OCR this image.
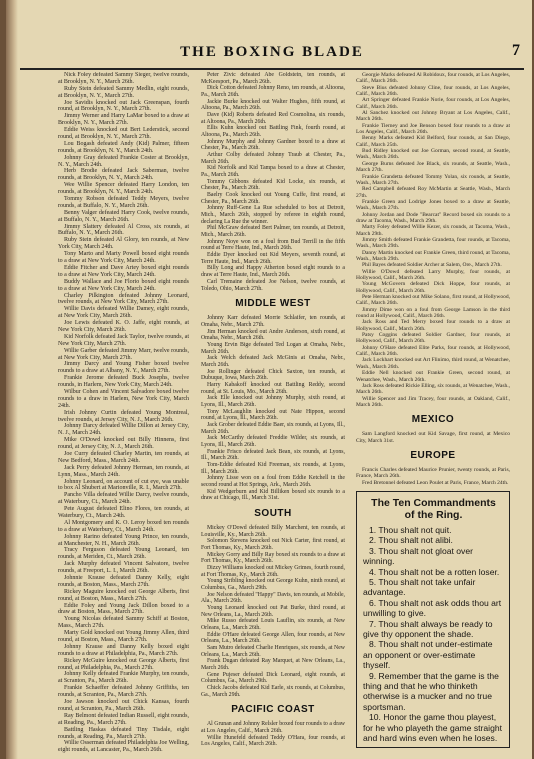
THE BOXING BLADE	7

Nick Foley defeated Sammy Sieger, twelve rounds, at Brooklyn, N. Y., March 26th.

Ruby Stein defeated Sammy Medlin, eight rounds, at Brooklyn, N. Y., March 27th.

Joe Savidis knocked out Jack Greenspan, fourth round, at Brooklyn, N. Y., March 27th.

Jimmy Werner and Harry LaMar boxed to a draw at Brooklyn, N. Y., March 27th.

Eddie Weiss knocked out Bert Lederstick, second round, at Brooklyn, N. Y., March 27th.

Lou Bogash defeated Andy (Kid) Palmer, fifteen rounds, at Brooklyn, N. Y., March 24th.

Johnny Gray defeated Frankie Coster at Brooklyn, N. Y., March 24th.

Herb Brodie defeated Jack Saberman, twelve rounds, at Brooklyn, N. Y., March 24th.

Wee Willie Spencer defeated Harry London, ten rounds, at Brooklyn, N. Y., March 24th.

Tommy Robson defeated Teddy Meyers, twelve rounds, at Buffalo, N. Y., March 26th.

Benny Valger defeated Harry Cook, twelve rounds, at Buffalo, N. Y., March 26th.

Jimmy Slattery defeated Al Cross, six rounds, at Buffalo, N. Y., March 26th.

Ruby Stein defeated Al Glory, ten rounds, at New York City, March 24th.

Tony Marto and Marty Powell boxed eight rounds to a draw at New York City, March 24th.

Eddie Fitcher and Dave Artey boxed eight rounds to a draw at New York City, March 24th.

Buddy Wallace and Joe Florio boxed eight rounds to a draw at New York City, March 24th.

Charley Pilkington defeated Johnny Leonard, twelve rounds, at New York City, March 27th.

Willie Davis defeated Willie Damey, eight rounds, at New York City, March 26th.

Joe Lewis defeated K. O. Jaffe, eight rounds, at New York City, March 26th.

Kid Norfolk defeated Jack Taylor, twelve rounds, at New York City, March 27th.

Willie Garber defeated Jimmy Marr, twelve rounds, at New York City, March 27th.

Jimmy Darcy and Young Fisher boxed twelve rounds to a draw at Albany, N. Y., March 27th.

Frankie Jerome defeated Buck Josephs, twelve rounds, in Harlem, New York City, March 24th.

Wilbur Cohen and Vincent Salvadore boxed twelve rounds to a draw in Harlem, New York City, March 24th.

Irish Johnny Curtin defeated Young Montreal, twelve rounds, at Jersey City, N. J., March 26th.

Johnny Darcy defeated Willie Dillon at Jersey City, N. J., March 24th.

Mike O'Dowd knocked out Billy Hinnens, first round, at Jersey City, N. J., March 26th.

Joe Curry defeated Charley Martin, ten rounds, at New Bedford, Mass., March 24th.

Jack Perry defeated Johnny Herman, ten rounds, at Lynn, Mass., March 24th.

Johnny Leonard, on account of cut eye, was unable to box Al Shubert at Marionville, R. I., March 27th.

Pancho Villa defeated Willie Darcy, twelve rounds, at Waterbury, Ct., March 24th.

Pete August defeated Elino Flores, ten rounds, at Waterbury, Ct., March 24th.

Al Montgomery and K. O. Leroy boxed ten rounds to a draw at Waterbury, Ct., March 24th.

Johnny Rarino defeated Young Prince, ten rounds, at Manchester, N. H., March 26th.

Tracy Ferguson defeated Young Leonard, ten rounds, at Meriden, Ct., March 26th.

Jack Murphy defeated Vincent Salvatore, twelve rounds, at Freeport, L. I., March 26th.

Johnnie Krause defeated Danny Kelly, eight rounds, at Boston, Mass., March 27th.

Rickey Maguire knocked out George Alberts, first round, at Boston, Mass., March 27th.

Eddie Foley and Young Jack Dillon boxed to a draw at Boston, Mass., March 27th.

Young Nicolas defeated Sammy Schiff at Boston, Mass., March 27th.

Marty Gold knocked out Young Jimmy Allen, third round, at Boston, Mass., March 27th.

Johnny Krause and Danny Kelly boxed eight rounds to a draw at Philadelphia, Pa., March 27th.

Rickey McGuire knocked out George Alberts, first round, at Philadelphia, Pa., March 27th.

Johnny Kelly defeated Frankie Murphy, ten rounds, at Scranton, Pa., March 26th.

Frankie Schaeffer defeated Johnny Griffiths, ten rounds, at Scranton, Pa., March 27th.

Joe Jawson knocked out Chick Kansas, fourth round, at Scranton, Pa., March 26th.

Ray Belmont defeated Indian Russell, eight rounds, at Reading, Pa., March 27th.

Battling Haskas defeated Tiny Tisdale, eight rounds, at Reading, Pa., March 27th.

Willie Osserman defeated Philadelphia Joe Welling, eight rounds, at Lancaster, Pa., March 26th.

Peter Zivic defeated Abe Goldstein, ten rounds, at McKeesport, Pa., March 26th.

Dick Cotton defeated Johnny Reno, ten rounds, at Altoona, Pa., March 26th.

Jackie Burke knocked out Walter Hughes, fifth round, at Altoona, Pa., March 26th.

Dave (Kid) Roberts defeated Red Cosmolina, six rounds, at Altoona, Pa., March 26th.

Ellis Kuhn knocked out Battling Fink, fourth round, at Altoona, Pa., March 26th.

Johnny Murphy and Johnny Gardner boxed to a draw at Chester, Pa., March 26th.

Arthur Colby defeated Johnny Traub at Chester, Pa., March 26th.

Kid Norfolk and Kid Tampa boxed to a draw at Chester, Pa., March 26th.

Tommy Gibbons defeated Kid Locke, six rounds, at Chester, Pa., March 26th.

Baelry Cook knocked out Young Cuffe, first round, at Chester, Pa., March 26th.

Johnny Ruff-Gene La Rue scheduled to box at Detroit, Mich., March 26th, stopped by referee in eighth round, declaring La Rue the winner.

Phil McGraw defeated Bert Palmer, ten rounds, at Detroit, Mich., March 26th.

Johnny Noye won on a foul from Bud Terrill in the fifth round at Terre Haute, Ind., March 26th.

Eddie Dyer knocked out Kid Meyers, seventh round, at Terre Haute, Ind., March 26th.

Billy Long and Happy Atherton boxed eight rounds to a draw at Terre Haute, Ind., March 26th.

Carl Tremaine defeated Joe Nelson, twelve rounds, at Toledo, Ohio, March 27th.

MIDDLE WEST

Johnny Karr defeated Morrie Schlaifer, ten rounds, at Omaha, Nebr., March 27th.

Jim Herman knocked out Andre Anderson, sixth round, at Omaha, Nebr., March 26th.

Young Ervin Bige defeated Ted Logan at Omaha, Nebr., March 26th.

Jack Welch defeated Jack McGinis at Omaha, Nebr., March 26th.

Joe Rollinger defeated Chick Saxton, ten rounds, at Dubuque, Iowa, March 26th.

Harry Kabakoff knocked out Battling Reddy, second round, at St. Louis, Mo., March 26th.

Jack Elle knocked out Johnny Murphy, sixth round, at Lyons, Ill., March 26th.

Tony McLaughlin knocked out Nate Hippon, second round, at Lyons, Ill., March 26th.

Jack Grober defeated Eddie Baer, six rounds, at Lyons, Ill., March 26th.

Jack McCarthy defeated Freddie Wilder, six rounds, at Lyons, Ill., March 26th.

Frankie Frisco defeated Jack Bean, six rounds, at Lyons, Ill., March 26th.

Tom-Eddie defeated Kid Freeman, six rounds, at Lyons, Ill., March 26th.

Johnny Lisse won on a foul from Eddie Ketchell in the second round at Hot Springs, Ark., March 26th.

Kid Wedgerburn and Kid Billiken boxed six rounds to a draw at Chicago, Ill., March 31st.

SOUTH

Mickey O'Dowd defeated Billy Marchent, ten rounds, at Louisville, Ky., March 26th.

Solomon Stevens knocked out Nick Carter, first round, at Fort Thomas, Ky., March 26th.

Mickey Gorry and Billy Ray boxed six rounds to a draw at Fort Thomas, Ky., March 26th.

Dizzy Williams knocked out Mickey Grimes, fourth round, at Fort Thomas, Ky., March 26th.

Young Stribling knocked out George Kuhn, ninth round, at Columbus, Ga., March 29th.

Joe Nelson defeated "Happy" Davis, ten rounds, at Mobile, Ala., March 26th.

Young Leonard knocked out Pat Burke, third round, at New Orleans, La., March 26th.

Mike Russo defeated Louis Lauflin, six rounds, at New Orleans, La., March 26th.

Eddie O'Hare defeated George Allen, four rounds, at New Orleans, La., March 26th.

Sam Mutro defeated Charlie Henriques, six rounds, at New Orleans, La., March 26th.

Frank Dugan defeated Ray Marquet, at New Orleans, La., March 26th.

Gene Pujeser defeated Dick Leonard, eight rounds, at Columbus, Ga., March 29th.

Chick Jacobs defeated Kid Earle, six rounds, at Columbus, Ga., March 29th.

PACIFIC COAST

Al Grunan and Johnny Relsler boxed four rounds to a draw at Los Angeles, Calif., March 26th.

Willie Hunefeld defeated Teddy O'Hara, four rounds, at Los Angeles, Calif., March 26th.

Georgie Marks defeated Al Robidoux, four rounds, at Los Angeles, Calif., March 26th.

Steve Bius defeated Johnny Cline, four rounds, at Los Angeles, Calif., March 26th.

Art Springer defeated Frankie Norie, four rounds, at Los Angeles, Calif., March 26th.

Al Sanchez knocked out Johnny Bryant at Los Angeles, Calif., March 26th.

Frankie Tierney and Joe Benson boxed four rounds to a draw at Los Angeles, Calif., March 26th.

Benny Marks defeated Kid Belford, four rounds, at San Diego, Calif., March 25th.

Bud Ridley knocked out Joe Gorman, second round, at Seattle, Wash., March 26th.

George Burns defeated Joe Black, six rounds, at Seattle, Wash., March 27th.

Frankie Grandetta defeated Tommy Yolan, six rounds, at Seattle, Wash., March 27th.

Red Campbell defeated Roy McMartin at Seattle, Wash., March 27th.

Frankie Green and Lodrige Jones boxed to a draw at Seattle, Wash., March 27th.

Johnny Jordan and Dode "Bearcat" Record boxed six rounds to a draw at Tacoma, Wash., March 29th.

Marty Foley defeated Willie Kezer, six rounds, at Tacoma, Wash., March 29th.

Jimmy Smith defeated Frankie Grandetta, four rounds, at Tacoma, Wash., March 29th.

Danny Martin knocked out Frankie Green, third round, at Tacoma, Wash., March 29th.

Phil Bayes defeated Soldier Archer at Salem, Ore., March 27th.

Willie O'Dowd defeated Larry Murphy, four rounds, at Hollywood, Calif., March 26th.

Young McGovern defeated Dick Hoppe, four rounds, at Hollywood, Calif., March 26th.

Pete Herman knocked out Mike Solano, first round, at Hollywood, Calif., March 26th.

Jimmy Dime won on a foul from George Lamson in the third round at Hollywood, Calif., March 26th.

Jack Ross and Ted Merry boxed four rounds to a draw at Hollywood, Calif., March 26th.

Patsy Coggins defeated Soldier Gardner, four rounds, at Hollywood, Calif., March 26th.

Johnny O'Hare defeated Elite Parks, four rounds, at Hollywood, Calif., March 26th.

Jack Lockhart knocked out Art Flinimo, third round, at Wenatchee, Wash., March 26th.

Eddie Nell knocked out Frankie Green, second round, at Wenatchee, Wash., March 26th.

Jack Ross defeated Rickie Elling, six rounds, at Wenatchee, Wash., March 26th.

Willie Spencer and Jim Tracey, four rounds, at Oakland, Calif., March 26th.

MEXICO

Sam Langford knocked out Kid Savage, first round, at Mexico City, March 31st.

EUROPE

Francis Charles defeated Maurice Prunier, twenty rounds, at Paris, France, March 26th.

Fred Bretonnel defeated Leon Poulet at Paris, France, March 24th.

The Ten Commandments
of the Ring.

1. Thou shalt not quit.

2. Thou shalt not alibi.

3. Thou shalt not gloat over winning.

4. Thou shalt not be a rotten loser.

5. Thou shalt not take unfair advantage.

6. Thou shalt not ask odds thou art unwilling to give.

7. Thou shalt always be ready to give thy opponent the shade.

8. Thou shalt not under-estimate an opponent or over-estimate thyself.

9. Remember that the game is the thing and that he who thinketh otherwise is a mucker and no true sportsman.

10. Honor the game thou playest, for he who playeth the game straight and hard wins even when he loses.
